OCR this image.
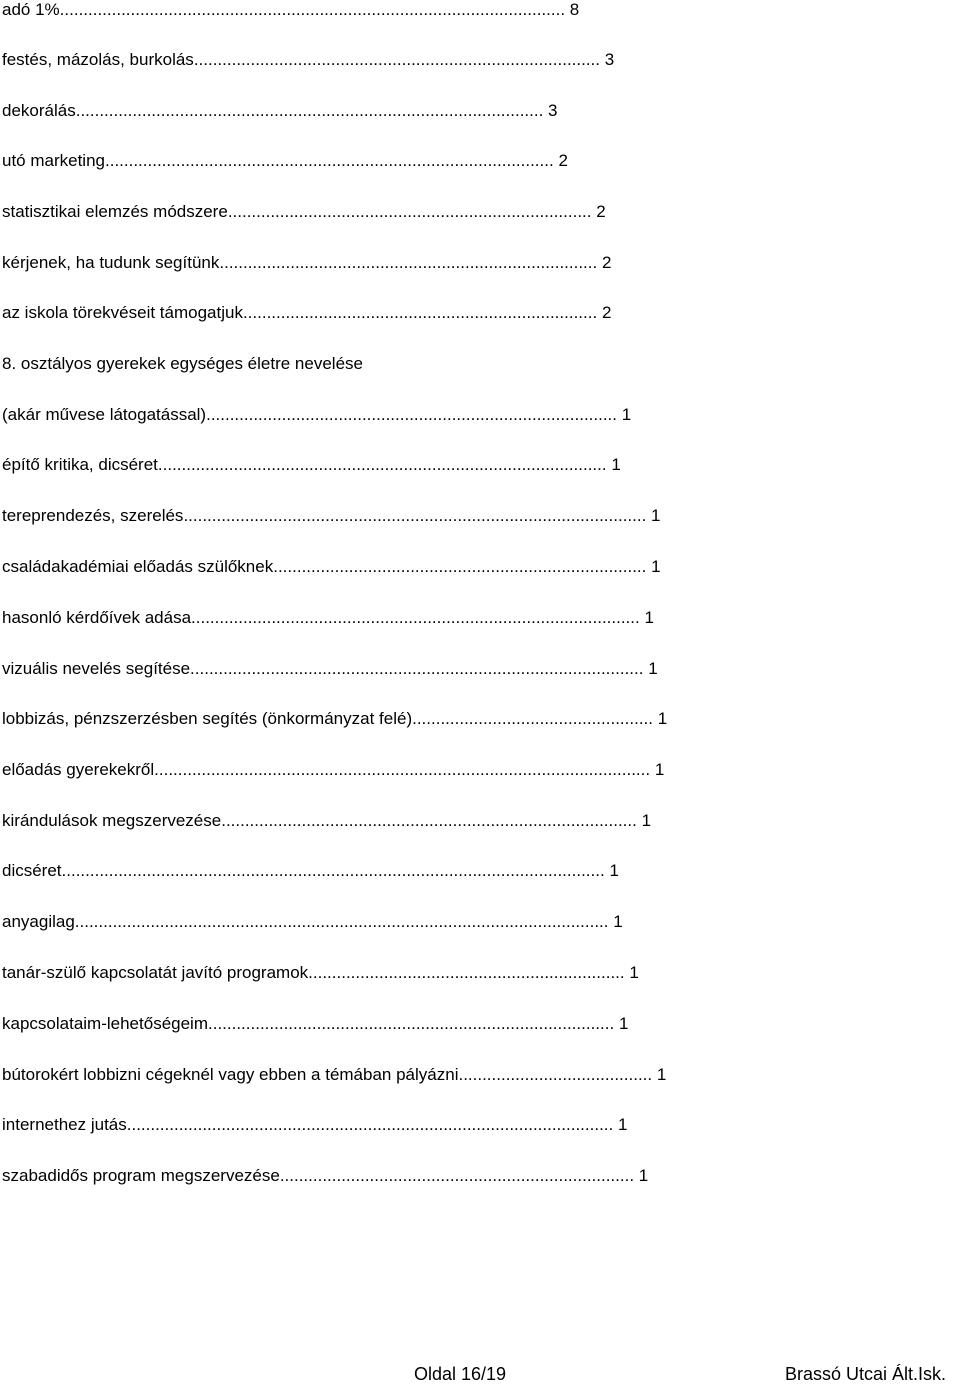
adó 1%........................................................................................................... 8
festés, mázolás, burkolás...................................................................................... 3
dekorálás................................................................................................... 3
utó marketing............................................................................................... 2
statisztikai elemzés módszere............................................................................. 2
kérjenek, ha tudunk segítünk................................................................................ 2
az iskola törekvéseit támogatjuk........................................................................... 2
8. osztályos gyerekek egységes életre nevelése
(akár művese látogatással)....................................................................................... 1
építő kritika, dicséret............................................................................................... 1
tereprendezés, szerelés.................................................................................................. 1
családakadémiai előadás szülőknek............................................................................... 1
hasonló kérdőívek adása............................................................................................... 1
vizuális nevelés segítése................................................................................................ 1
lobbizás, pénzszerzésben segítés (önkormányzat felé)................................................... 1
előadás gyerekekről......................................................................................................... 1
kirándulások megszervezése........................................................................................ 1
dicséret................................................................................................................... 1
anyagilag................................................................................................................. 1
tanár-szülő kapcsolatát javító programok................................................................... 1
kapcsolataim-lehetőségeim...................................................................................... 1
bútorokért lobbizni cégeknél vagy ebben a témában pályázni......................................... 1
internethez jutás....................................................................................................... 1
szabadidős program megszervezése........................................................................... 1
Oldal 16/19	Brassó Utcai Ált.Isk.
